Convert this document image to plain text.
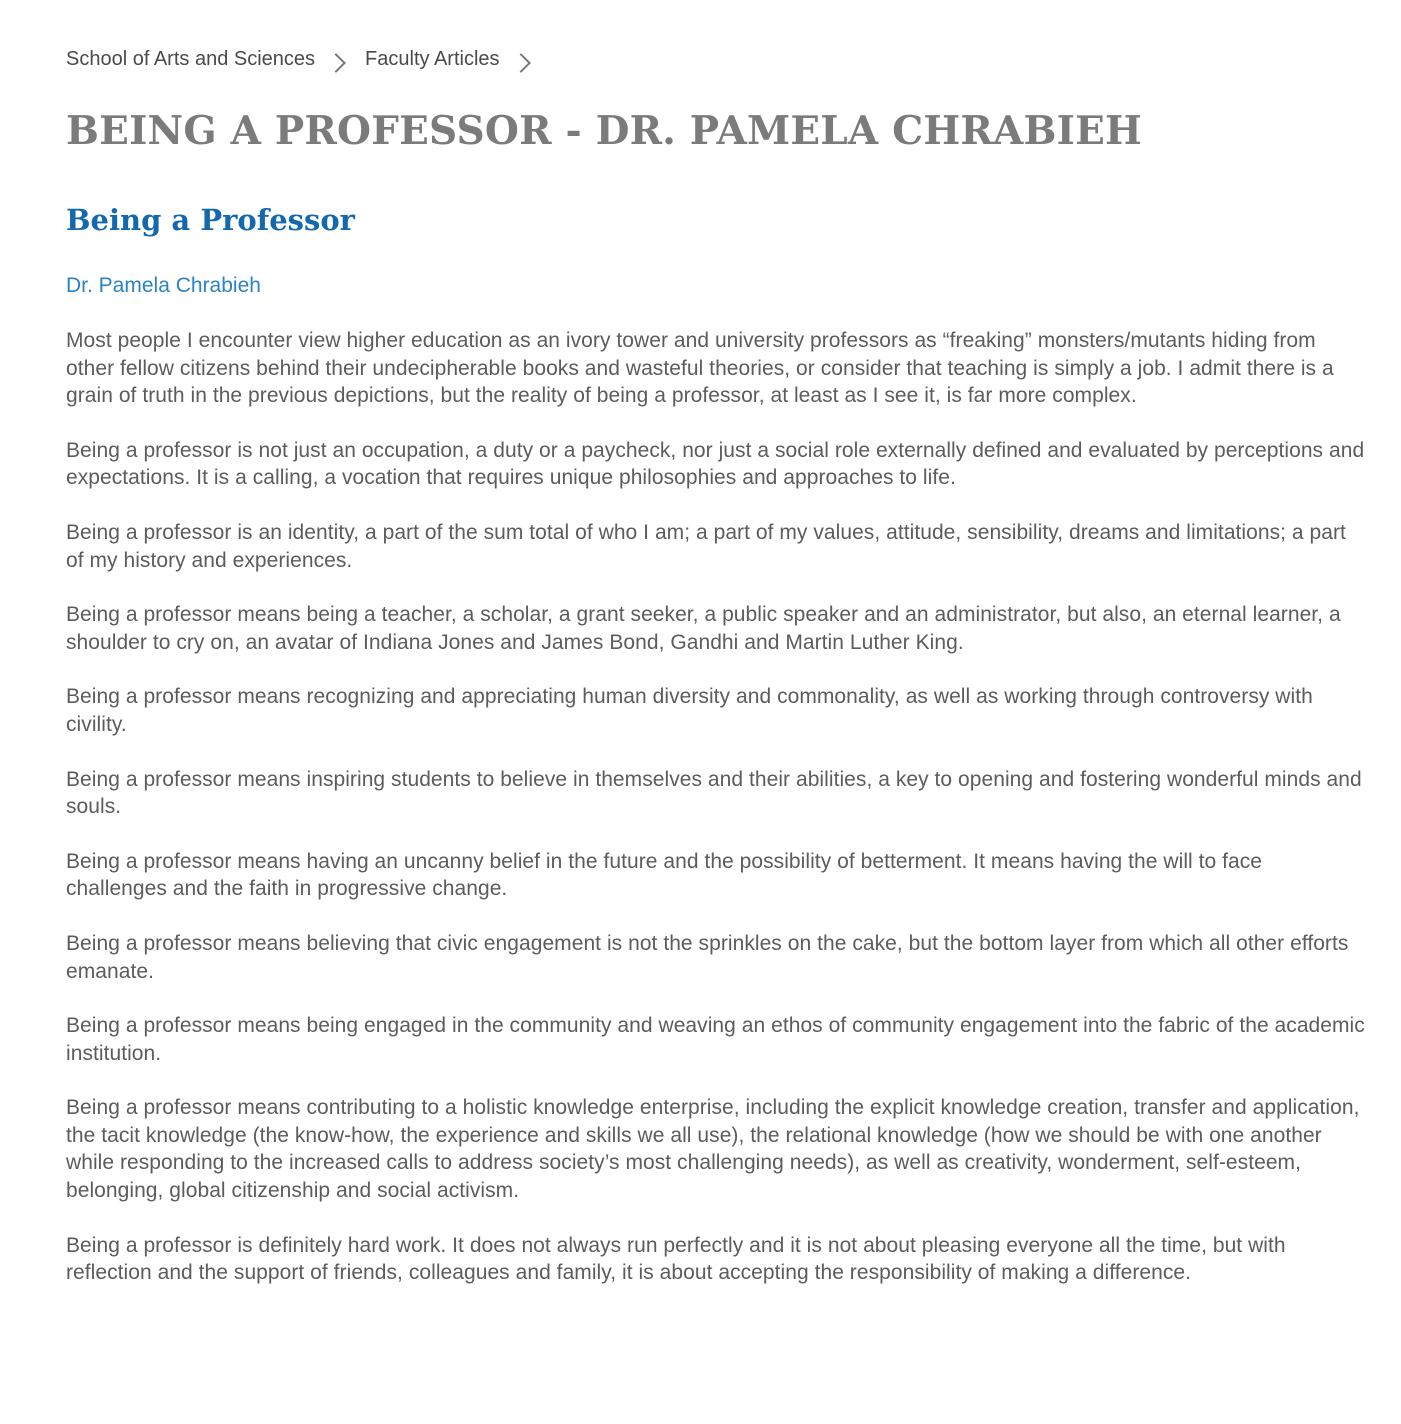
School of Arts and Sciences	Faculty Articles
BEING A PROFESSOR - DR. PAMELA CHRABIEH
Being a Professor
Dr. Pamela Chrabieh

Most people I encounter view higher education as an ivory tower and university professors as “freaking” monsters/mutants hiding from other fellow citizens behind their undecipherable books and wasteful theories, or consider that teaching is simply a job. I admit there is a grain of truth in the previous depictions, but the reality of being a professor, at least as I see it, is far more complex.

Being a professor is not just an occupation, a duty or a paycheck, nor just a social role externally defined and evaluated by perceptions and expectations. It is a calling, a vocation that requires unique philosophies and approaches to life.

Being a professor is an identity, a part of the sum total of who I am; a part of my values, attitude, sensibility, dreams and limitations; a part of my history and experiences.

Being a professor means being a teacher, a scholar, a grant seeker, a public speaker and an administrator, but also, an eternal learner, a shoulder to cry on, an avatar of Indiana Jones and James Bond, Gandhi and Martin Luther King.

Being a professor means recognizing and appreciating human diversity and commonality, as well as working through controversy with civility.

Being a professor means inspiring students to believe in themselves and their abilities, a key to opening and fostering wonderful minds and souls.

Being a professor means having an uncanny belief in the future and the possibility of betterment. It means having the will to face challenges and the faith in progressive change.

Being a professor means believing that civic engagement is not the sprinkles on the cake, but the bottom layer from which all other efforts emanate.

Being a professor means being engaged in the community and weaving an ethos of community engagement into the fabric of the academic institution.

Being a professor means contributing to a holistic knowledge enterprise, including the explicit knowledge creation, transfer and application, the tacit knowledge (the know-how, the experience and skills we all use), the relational knowledge (how we should be with one another while responding to the increased calls to address society’s most challenging needs), as well as creativity, wonderment, self-esteem, belonging, global citizenship and social activism.

Being a professor is definitely hard work. It does not always run perfectly and it is not about pleasing everyone all the time, but with reflection and the support of friends, colleagues and family, it is about accepting the responsibility of making a difference.
